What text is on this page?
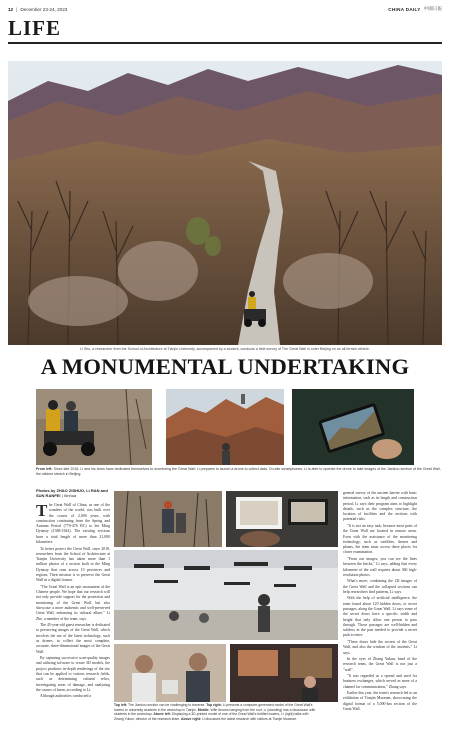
12 | December 23-24, 2023	CHINA DAILY 中國日報
LIFE
Li Shu, a researcher from the School of Architecture at Tianjin University, accompanied by a student, conducts a field survey of The Great Wall in outer Beijing on an all-terrain vehicle.
A MONUMENTAL UNDERTAKING
From left: Since late 2018, Li and his team have dedicated themselves to monitoring the Great Wall; Li prepares to launch a drone to collect data. On-site smartphones, Li is able to operate the drone to take images of the Jiankou section of the Great Wall, the wildest stretch in Beijing.
Photos by ZHAO ZISHUO, LI RAN and SUN RANFEI | Xinhua

The Great Wall of China, as one of the wonders of the world, was built over the course of 2,000 years, with construction continuing from the Spring and Autumn Period (770-476 BC) to the Ming Dynasty (1368-1644). The existing sections have a total length of more than 21,000 kilometers.

To better protect the Great Wall, since 2018, researchers from the School of Architecture at Tianjin University has taken more than 1 million photos of a section built in the Ming Dynasty that runs across 10 provinces and regions. Their mission is to preserve the Great Wall in a digital format.

"The Great Wall is an epic monument of the Chinese people. We hope that our research will not only provide support for the protection and monitoring of the Great Wall, but also showcase a more authentic and well-preserved Great Wall, enhancing its cultural allure," Li Zhe, a member of the team, says.

The 45-year-old guest researcher is dedicated to preserving images of the Great Wall, which involves the use of the latest technology, such as drones, to collect the most complete, accurate, three-dimensional images of the Great Wall.

By capturing successive scan-quality images and utilizing software to create 3D models, the project produces in-depth renderings of the site that can be applied to various research fields, such as determining cultural relics, investigating areas of damage, and analyzing the causes of harm, according to Li.

Although authorities conducted a

Top left: The Jiankou section can be challenging to traverse. Top right: Li presents a computer-generated model of the Great Wall's towers to university students in the workshop in Tianjin. Middle: With drones hanging from the roof, Li (standing) has a discussion with students in the workshop. Above left: Displaying a 3D-printed model of one of the Great Wall's fortified towers, Li (right) talks with Zhang Yukun, director of the research team. Above right: Li discusses the latest research with visitors at Tianjin Museum.

general survey of the ancient barrier with basic information, such as its length and construction period, Li says their program aims to highlight details, such as the complex structure, the location of facilities and the sections with potential risks.

"It is not an easy task, because most parts of the Great Wall are located in remote areas. Even with the assistance of the monitoring technology, such as satellites, drones and planes, the team must access these places for closer examination.

"From our images, you can see the lines between the bricks," Li says, adding that every kilometer of the wall requires about 360 high-resolution photos.

What's more, combining the 2D images of the Great Wall and the collapsed sections can help researchers find patterns, Li says.

With the help of artificial intelligence, the team found about 120 hidden doors, or secret passages, along the Great Wall. Li says some of the secret doors have a specific width and height that only allow one person to pass through. Those passages are well-hidden and soldiers in the past needed to provide a secret path to enter.

"These doors hide the secrets of the Great Wall, and also the wisdom of the ancients," Li says.

In the eyes of Zhang Yukun, head of the research team, the Great Wall is not just a "wall".

"It was regarded as a spread and used for business exchanges, which served as more of a channel for communication," Zhang says.

Earlier this year, the team's research led to an exhibition of Tianjin Museum, showcasing the digital format of a 5,000-km section of the Great Wall.
